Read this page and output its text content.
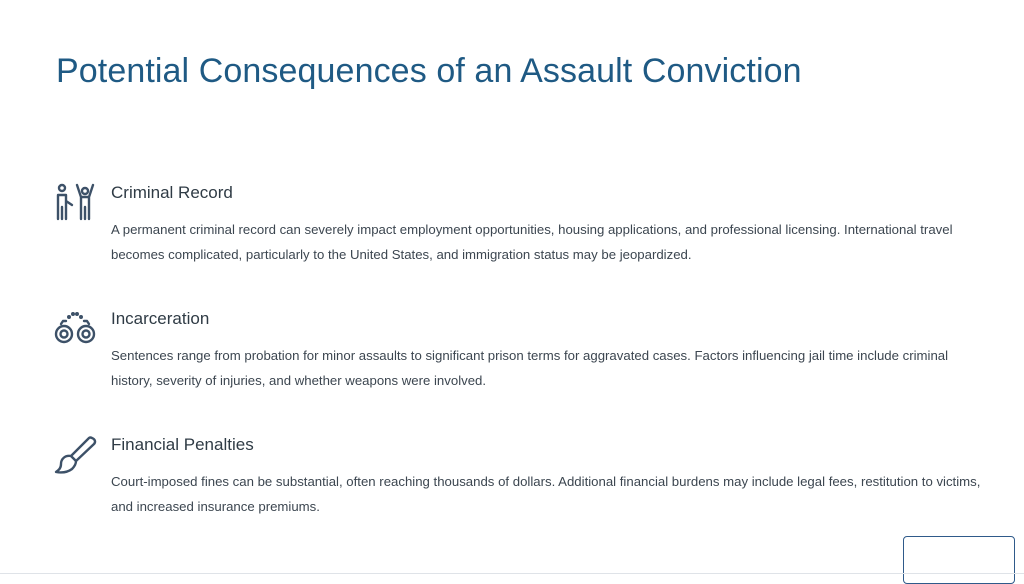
Potential Consequences of an Assault Conviction
Criminal Record

A permanent criminal record can severely impact employment opportunities, housing applications, and professional licensing. International travel becomes complicated, particularly to the United States, and immigration status may be jeopardized.

Incarceration

Sentences range from probation for minor assaults to significant prison terms for aggravated cases. Factors influencing jail time include criminal history, severity of injuries, and whether weapons were involved.

Financial Penalties

Court-imposed fines can be substantial, often reaching thousands of dollars. Additional financial burdens may include legal fees, restitution to victims, and increased insurance premiums.
